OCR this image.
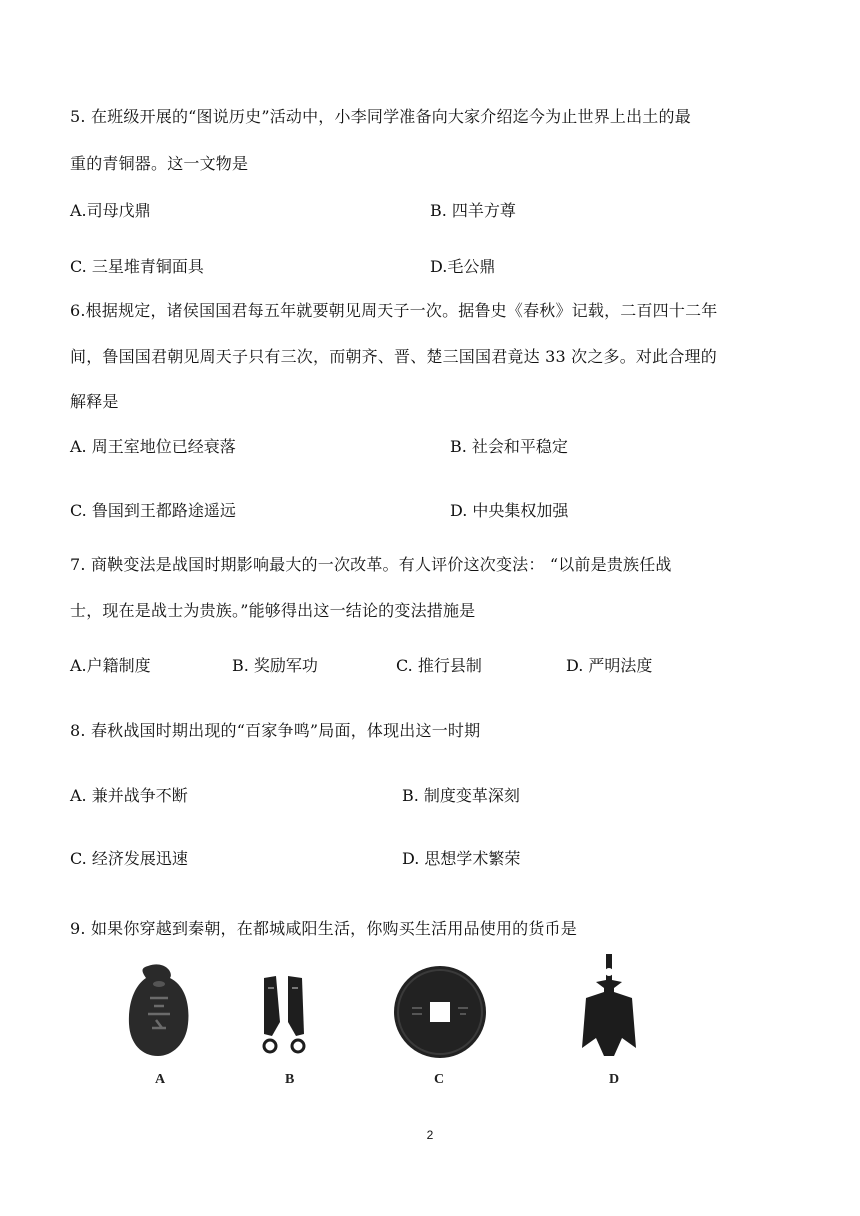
5. 在班级开展的“图说历史”活动中，小李同学准备向大家介绍迄今为止世界上出土的最
重的青铜器。这一文物是
A.司母戊鼎	B. 四羊方尊
C. 三星堆青铜面具	D.毛公鼎
6.根据规定，诸侯国国君每五年就要朝见周天子一次。据鲁史《春秋》记载，二百四十二年
间，鲁国国君朝见周天子只有三次，而朝齐、晋、楚三国国君竟达 33 次之多。对此合理的
解释是
A. 周王室地位已经衰落	B. 社会和平稳定
C. 鲁国到王都路途遥远	D. 中央集权加强
7. 商鞅变法是战国时期影响最大的一次改革。有人评价这次变法： “以前是贵族任战
士，现在是战士为贵族。”能够得出这一结论的变法措施是
A.户籍制度	B. 奖励军功	C. 推行县制	D. 严明法度
8. 春秋战国时期出现的“百家争鸣”局面，体现出这一时期
A. 兼并战争不断	B. 制度变革深刻
C. 经济发展迅速	D. 思想学术繁荣
9. 如果你穿越到秦朝，在都城咸阳生活，你购买生活用品使用的货币是
A	B	C	D
2
